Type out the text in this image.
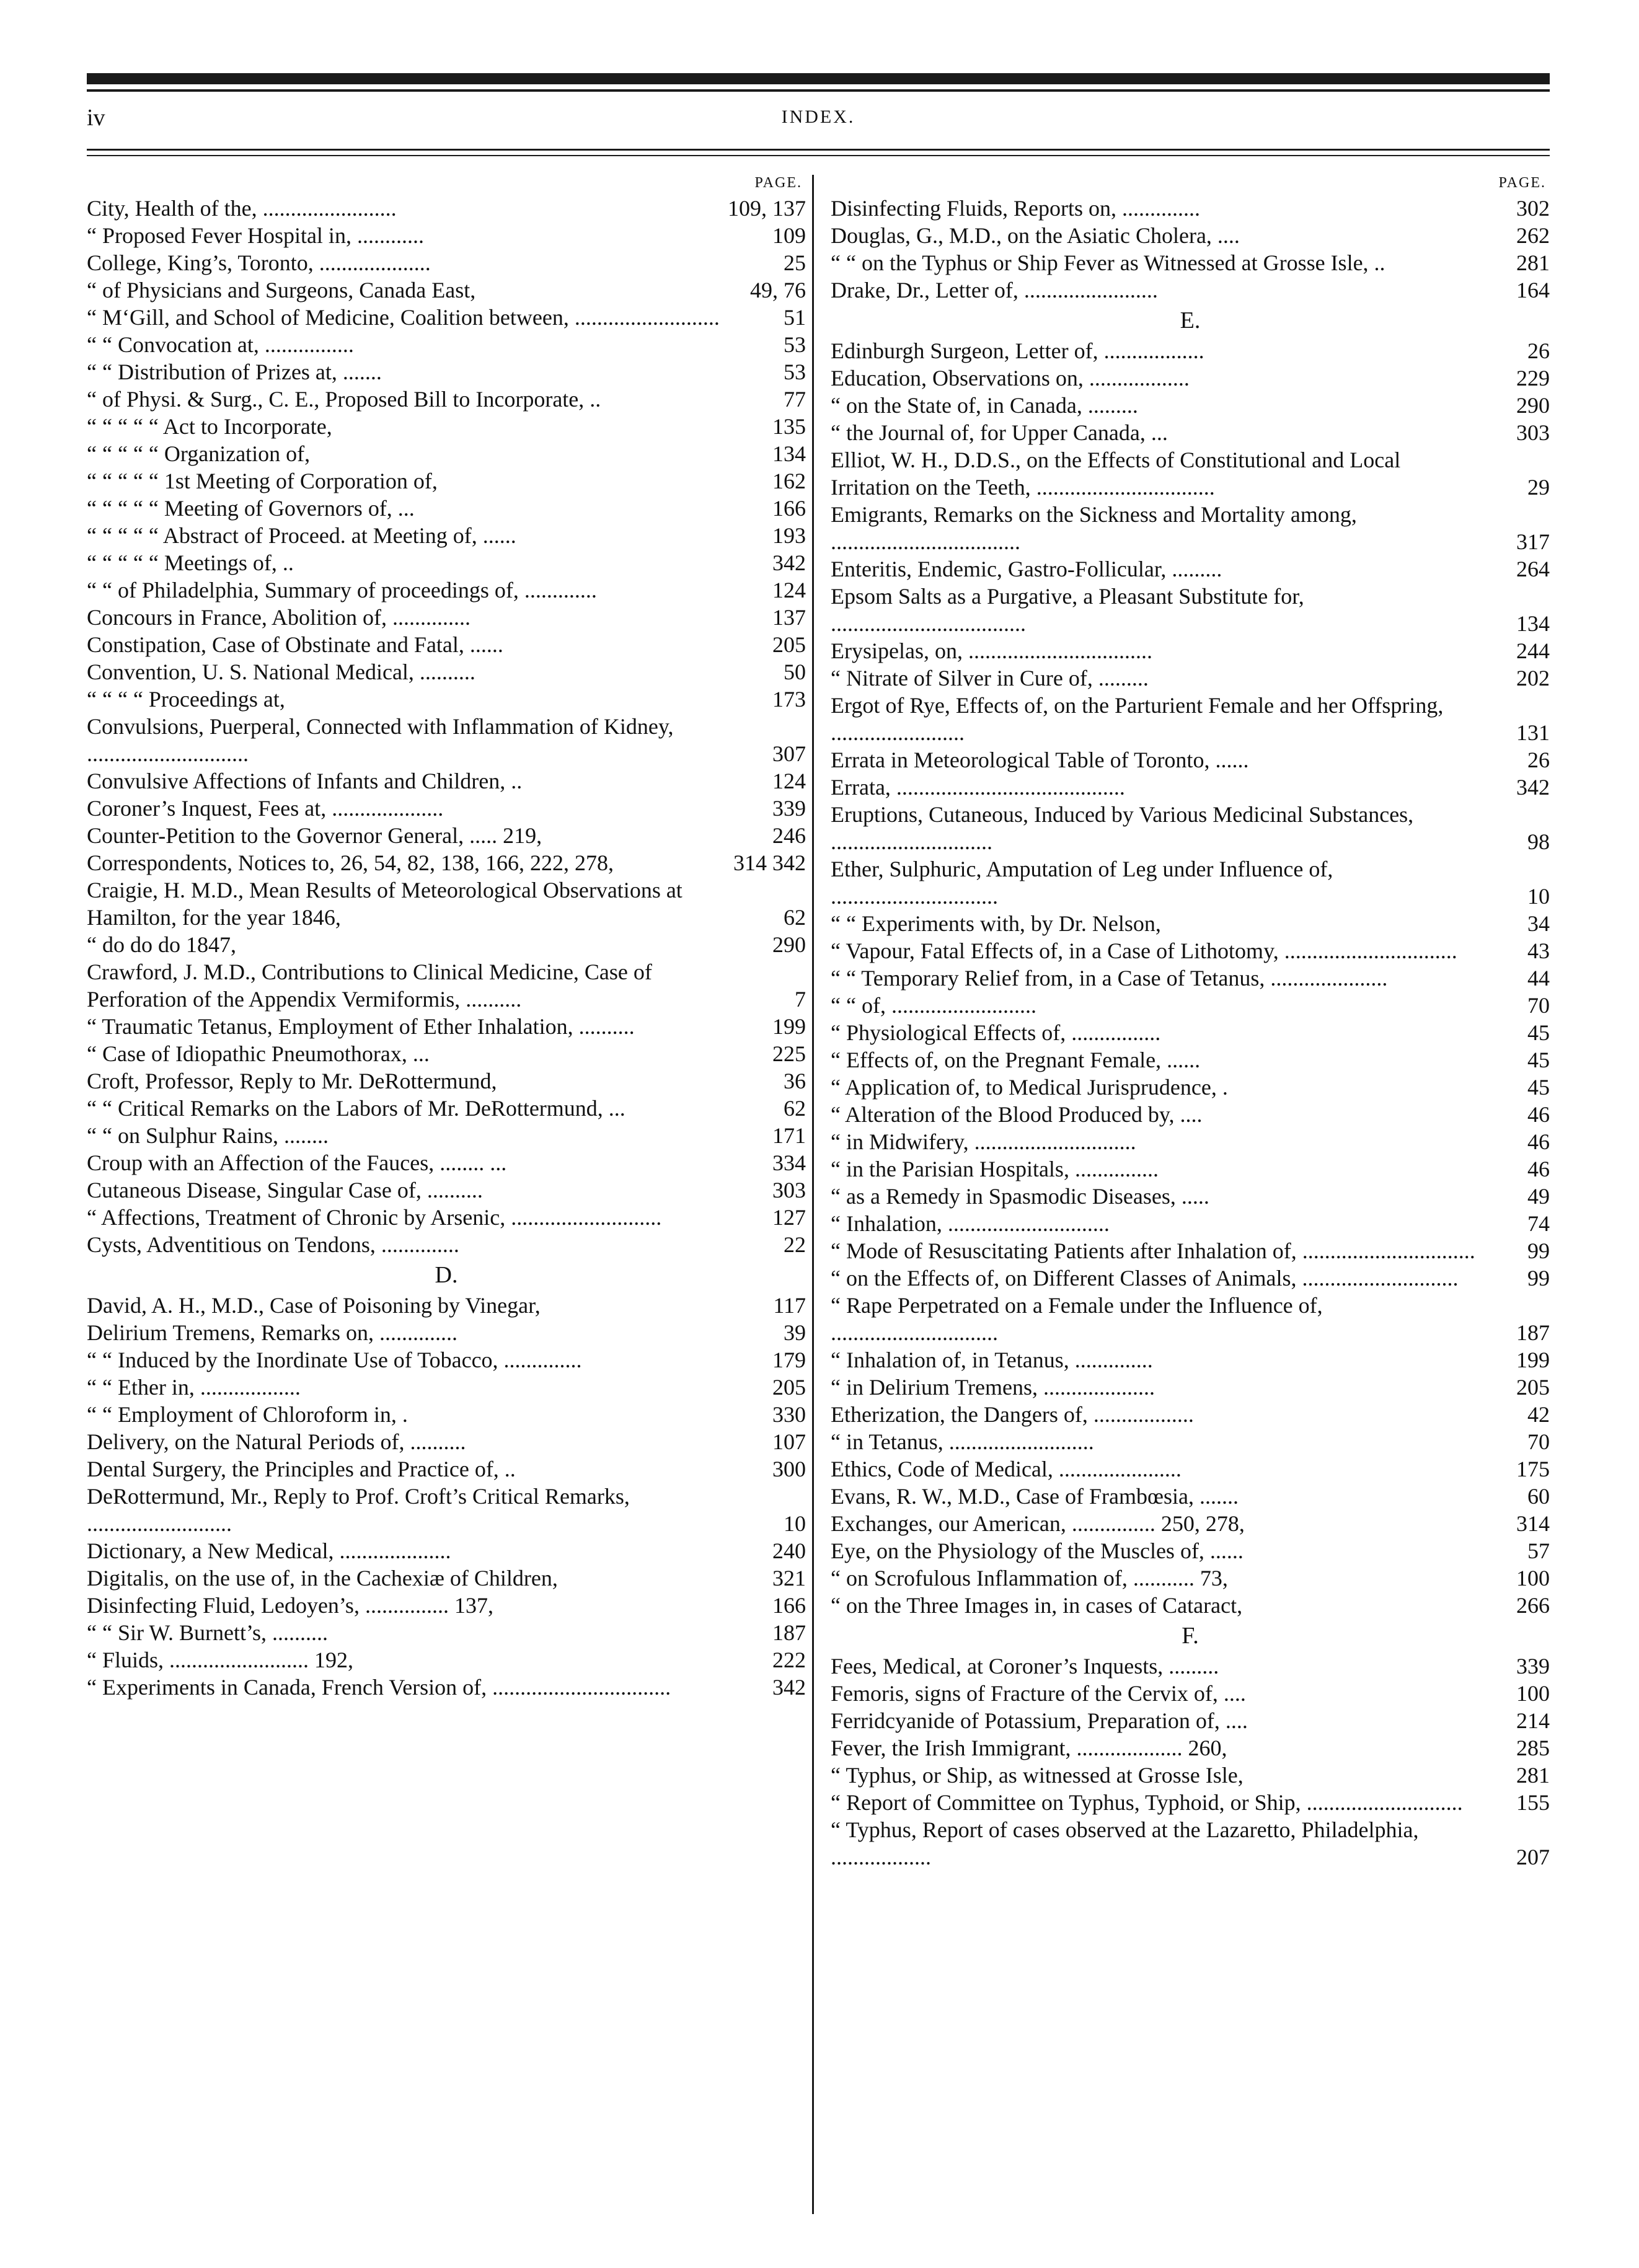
iv	INDEX.
PAGE.
City, Health of the, ........................	109, 137
“ Proposed Fever Hospital in, ............	109
College, King’s, Toronto, ....................	25
“ of Physicians and Surgeons, Canada East,	49, 76
“ M‘Gill, and School of Medicine, Coalition between, ..........................	51
“ “ Convocation at, ................	53
“ “ Distribution of Prizes at, .......	53
“ of Physi. & Surg., C. E., Proposed Bill to Incorporate, ..	77
“ “ “ “ “ Act to Incorporate,	135
“ “ “ “ “ Organization of,	134
“ “ “ “ “ 1st Meeting of Corporation of,	162
“ “ “ “ “ Meeting of Governors of, ...	166
“ “ “ “ “ Abstract of Proceed. at Meeting of, ......	193
“ “ “ “ “ Meetings of, ..	342
“ “ of Philadelphia, Summary of proceedings of, .............	124
Concours in France, Abolition of, ..............	137
Constipation, Case of Obstinate and Fatal, ......	205
Convention, U. S. National Medical, ..........	50
“ “ “ “ Proceedings at,	173
Convulsions, Puerperal, Connected with Inflammation of Kidney, .............................	307
Convulsive Affections of Infants and Children, ..	124
Coroner’s Inquest, Fees at, ....................	339
Counter-Petition to the Governor General, ..... 219,	246
Correspondents, Notices to, 26, 54, 82, 138, 166, 222, 278,	314 342
Craigie, H. M.D., Mean Results of Meteorological Observations at Hamilton, for the year 1846,	62
“ do do do 1847,	290
Crawford, J. M.D., Contributions to Clinical Medicine, Case of Perforation of the Appendix Vermiformis, ..........	7
“ Traumatic Tetanus, Employment of Ether Inhalation, ..........	199
“ Case of Idiopathic Pneumothorax, ...	225
Croft, Professor, Reply to Mr. DeRottermund,	36
“ “ Critical Remarks on the Labors of Mr. DeRottermund, ...	62
“ “ on Sulphur Rains, ........	171
Croup with an Affection of the Fauces, ........ ...	334
Cutaneous Disease, Singular Case of, ..........	303
“ Affections, Treatment of Chronic by Arsenic, ...........................	127
Cysts, Adventitious on Tendons, ..............	22
D.
David, A. H., M.D., Case of Poisoning by Vinegar,	117
Delirium Tremens, Remarks on, ..............	39
“ “ Induced by the Inordinate Use of Tobacco, ..............	179
“ “ Ether in, ..................	205
“ “ Employment of Chloroform in, .	330
Delivery, on the Natural Periods of, ..........	107
Dental Surgery, the Principles and Practice of, ..	300
DeRottermund, Mr., Reply to Prof. Croft’s Critical Remarks, ..........................	10
Dictionary, a New Medical, ....................	240
Digitalis, on the use of, in the Cachexiæ of Children,	321
Disinfecting Fluid, Ledoyen’s, ............... 137,	166
“ “ Sir W. Burnett’s, ..........	187
“ Fluids, ......................... 192,	222
“ Experiments in Canada, French Version of, ................................	342
PAGE.
Disinfecting Fluids, Reports on, ..............	302
Douglas, G., M.D., on the Asiatic Cholera, ....	262
“ “ on the Typhus or Ship Fever as Witnessed at Grosse Isle, ..	281
Drake, Dr., Letter of, ........................	164
E.
Edinburgh Surgeon, Letter of, ..................	26
Education, Observations on, ..................	229
“ on the State of, in Canada, .........	290
“ the Journal of, for Upper Canada, ...	303
Elliot, W. H., D.D.S., on the Effects of Constitutional and Local Irritation on the Teeth, ................................	29
Emigrants, Remarks on the Sickness and Mortality among, ..................................	317
Enteritis, Endemic, Gastro-Follicular, .........	264
Epsom Salts as a Purgative, a Pleasant Substitute for, ...................................	134
Erysipelas, on, .................................	244
“ Nitrate of Silver in Cure of, .........	202
Ergot of Rye, Effects of, on the Parturient Female and her Offspring, ........................	131
Errata in Meteorological Table of Toronto, ......	26
Errata, .........................................	342
Eruptions, Cutaneous, Induced by Various Medicinal Substances, .............................	98
Ether, Sulphuric, Amputation of Leg under Influence of, ..............................	10
“ “ Experiments with, by Dr. Nelson,	34
“ Vapour, Fatal Effects of, in a Case of Lithotomy, ...............................	43
“ “ Temporary Relief from, in a Case of Tetanus, .....................	44
“ “ of, ..........................	70
“ Physiological Effects of, ................	45
“ Effects of, on the Pregnant Female, ......	45
“ Application of, to Medical Jurisprudence, .	45
“ Alteration of the Blood Produced by, ....	46
“ in Midwifery, .............................	46
“ in the Parisian Hospitals, ...............	46
“ as a Remedy in Spasmodic Diseases, .....	49
“ Inhalation, .............................	74
“ Mode of Resuscitating Patients after Inhalation of, ............................... 99
“ on the Effects of, on Different Classes of Animals, ............................	99
“ Rape Perpetrated on a Female under the Influence of, ..............................	187
“ Inhalation of, in Tetanus, ..............	199
“ in Delirium Tremens, ....................	205
Etherization, the Dangers of, ..................	42
“ in Tetanus, ..........................	70
Ethics, Code of Medical, ......................	175
Evans, R. W., M.D., Case of Frambœsia, .......	60
Exchanges, our American, ............... 250, 278,	314
Eye, on the Physiology of the Muscles of, ......	57
“ on Scrofulous Inflammation of, ........... 73,	100
“ on the Three Images in, in cases of Cataract,	266
F.
Fees, Medical, at Coroner’s Inquests, .........	339
Femoris, signs of Fracture of the Cervix of, ....	100
Ferridcyanide of Potassium, Preparation of, ....	214
Fever, the Irish Immigrant, ................... 260,	285
“ Typhus, or Ship, as witnessed at Grosse Isle,	281
“ Report of Committee on Typhus, Typhoid, or Ship, ............................	155
“ Typhus, Report of cases observed at the Lazaretto, Philadelphia, ..................	207
